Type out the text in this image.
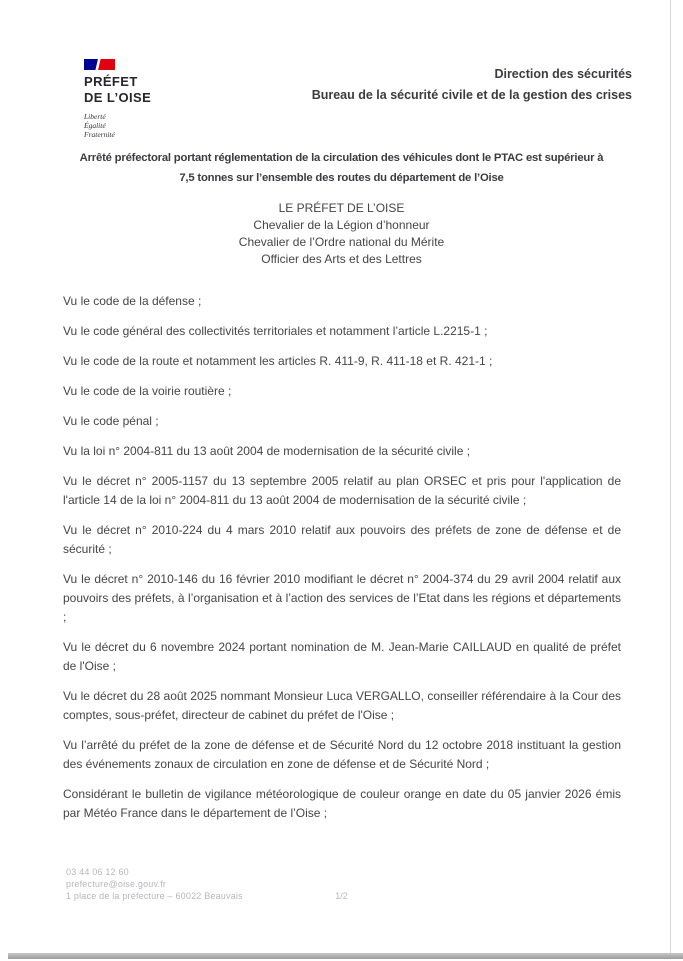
PRÉFET
DE L’OISE
Liberté
Égalité
Fraternité
Direction des sécurités
Bureau de la sécurité civile et de la gestion des crises
Arrêté préfectoral portant réglementation de la circulation des véhicules dont le PTAC est supérieur à
7,5 tonnes sur l’ensemble des routes du département de l’Oise
LE PRÉFET DE L’OISE
Chevalier de la Légion d’honneur
Chevalier de l’Ordre national du Mérite
Officier des Arts et des Lettres

Vu le code de la défense ;

Vu le code général des collectivités territoriales et notamment l’article L.2215-1 ;

Vu le code de la route et notamment les articles R. 411-9, R. 411-18 et R. 421-1 ;

Vu le code de la voirie routière ;

Vu le code pénal ;

Vu la loi n° 2004-811 du 13 août 2004 de modernisation de la sécurité civile ;

Vu le décret n° 2005-1157 du 13 septembre 2005 relatif au plan ORSEC et pris pour l'application de l'article 14 de la loi n° 2004-811 du 13 août 2004 de modernisation de la sécurité civile ;

Vu le décret n° 2010-224 du 4 mars 2010 relatif aux pouvoirs des préfets de zone de défense et de sécurité ;

Vu le décret n° 2010-146 du 16 février 2010 modifiant le décret n° 2004-374 du 29 avril 2004 relatif aux pouvoirs des préfets, à l’organisation et à l’action des services de l’Etat dans les régions et départements ;

Vu le décret du 6 novembre 2024 portant nomination de M. Jean-Marie CAILLAUD en qualité de préfet de l'Oise ;

Vu le décret du 28 août 2025 nommant Monsieur Luca VERGALLO, conseiller référendaire à la Cour des comptes, sous-préfet, directeur de cabinet du préfet de l'Oise ;

Vu l’arrêté du préfet de la zone de défense et de Sécurité Nord du 12 octobre 2018 instituant la gestion des événements zonaux de circulation en zone de défense et de Sécurité Nord ;

Considérant le bulletin de vigilance météorologique de couleur orange en date du 05 janvier 2026 émis par Météo France dans le département de l’Oise ;

03 44 06 12 60
prefecture@oise.gouv.fr
1 place de la préfecture – 60022 Beauvais	1/2
